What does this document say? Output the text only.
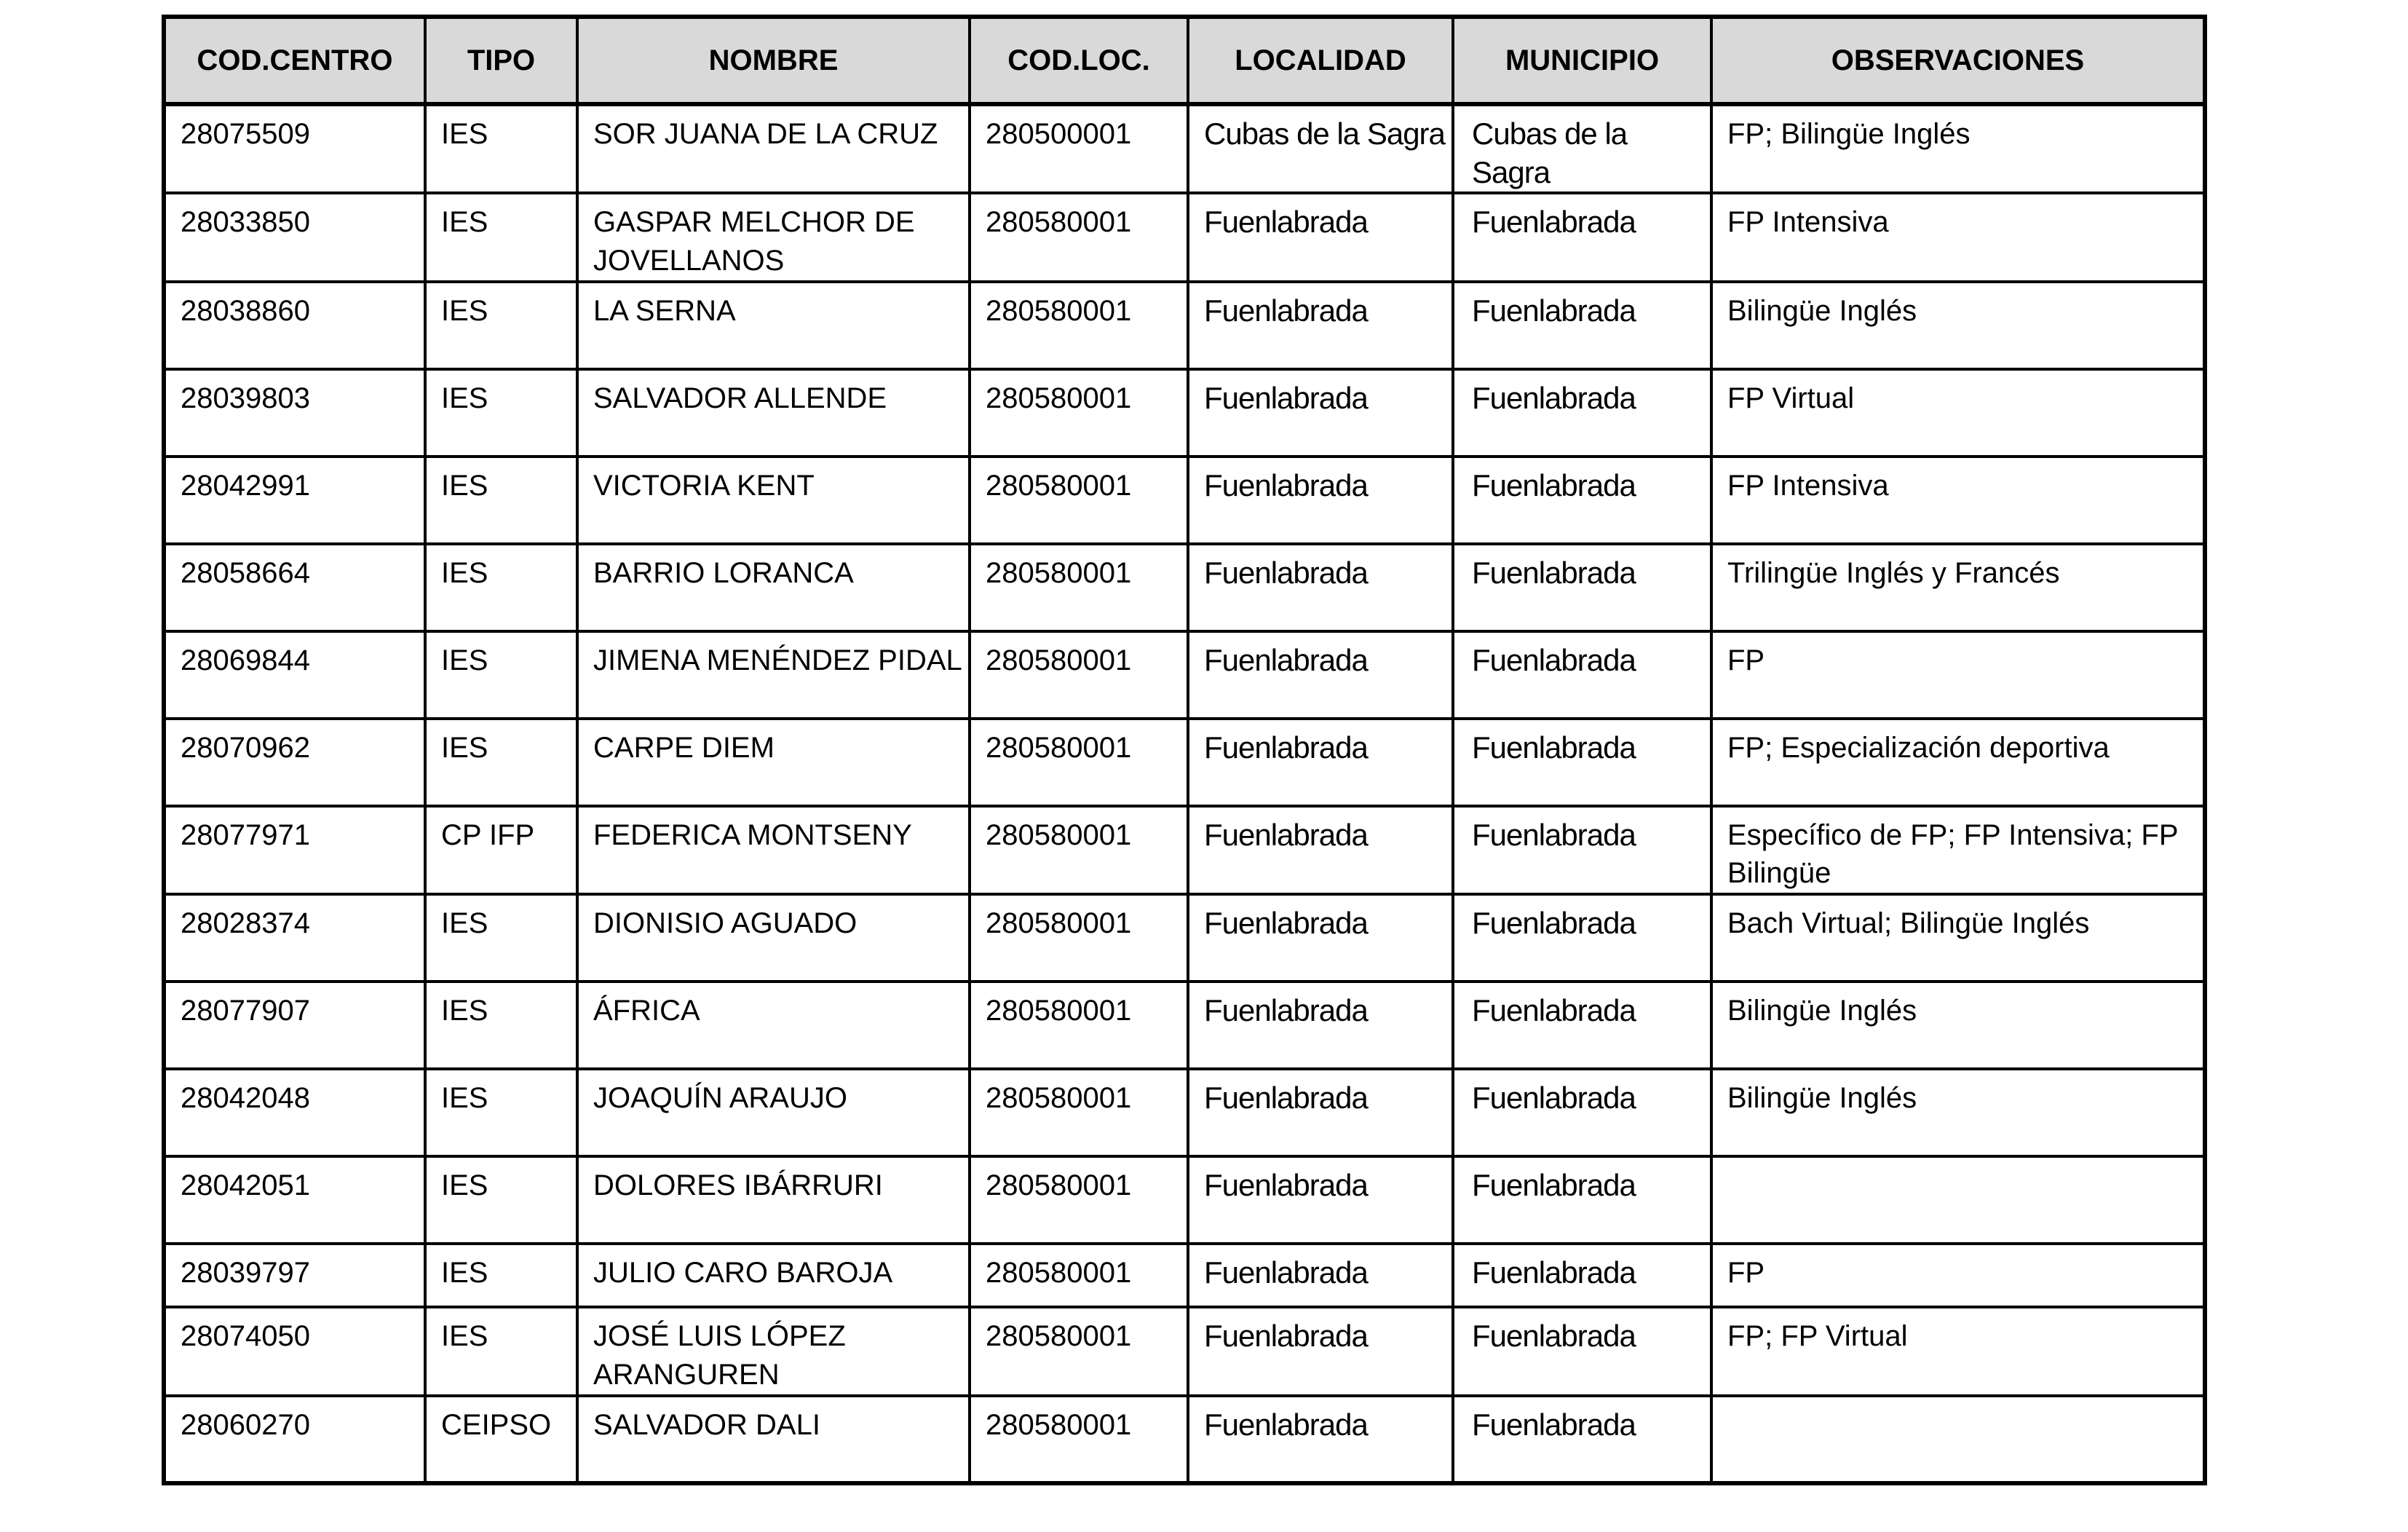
COD.CENTRO	TIPO	NOMBRE	COD.LOC.	LOCALIDAD	MUNICIPIO	OBSERVACIONES
28075509	IES	SOR JUANA DE LA CRUZ	280500001	Cubas de la Sagra	Cubas de la Sagra	FP; Bilingüe Inglés
28033850	IES	GASPAR MELCHOR DE JOVELLANOS	280580001	Fuenlabrada	Fuenlabrada	FP Intensiva
28038860	IES	LA SERNA	280580001	Fuenlabrada	Fuenlabrada	Bilingüe Inglés
28039803	IES	SALVADOR ALLENDE	280580001	Fuenlabrada	Fuenlabrada	FP Virtual
28042991	IES	VICTORIA KENT	280580001	Fuenlabrada	Fuenlabrada	FP Intensiva
28058664	IES	BARRIO LORANCA	280580001	Fuenlabrada	Fuenlabrada	Trilingüe Inglés y Francés
28069844	IES	JIMENA MENÉNDEZ PIDAL	280580001	Fuenlabrada	Fuenlabrada	FP
28070962	IES	CARPE DIEM	280580001	Fuenlabrada	Fuenlabrada	FP; Especialización deportiva
28077971	CP IFP	FEDERICA MONTSENY	280580001	Fuenlabrada	Fuenlabrada	Específico de FP; FP Intensiva; FP Bilingüe
28028374	IES	DIONISIO AGUADO	280580001	Fuenlabrada	Fuenlabrada	Bach Virtual; Bilingüe Inglés
28077907	IES	ÁFRICA	280580001	Fuenlabrada	Fuenlabrada	Bilingüe Inglés
28042048	IES	JOAQUÍN ARAUJO	280580001	Fuenlabrada	Fuenlabrada	Bilingüe Inglés
28042051	IES	DOLORES IBÁRRURI	280580001	Fuenlabrada	Fuenlabrada	
28039797	IES	JULIO CARO BAROJA	280580001	Fuenlabrada	Fuenlabrada	FP
28074050	IES	JOSÉ LUIS LÓPEZ ARANGUREN	280580001	Fuenlabrada	Fuenlabrada	FP; FP Virtual
28060270	CEIPSO	SALVADOR DALI	280580001	Fuenlabrada	Fuenlabrada	
